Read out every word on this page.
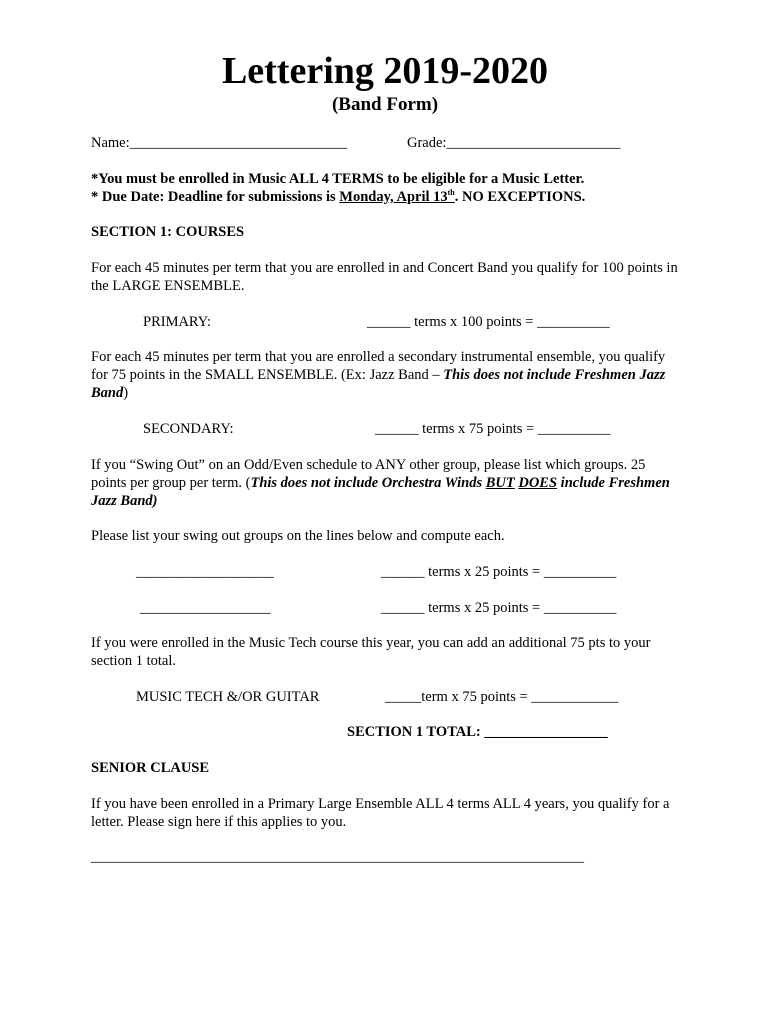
Lettering 2019-2020
(Band Form)
Name:______________________________	Grade:________________________
*You must be enrolled in Music ALL 4 TERMS to be eligible for a Music Letter.
* Due Date: Deadline for submissions is Monday, April 13th. NO EXCEPTIONS.
SECTION 1: COURSES
For each 45 minutes per term that you are enrolled in and Concert Band you qualify for 100 points in the LARGE ENSEMBLE.
PRIMARY:	______ terms x 100 points = __________
For each 45 minutes per term that you are enrolled a secondary instrumental ensemble, you qualify for 75 points in the SMALL ENSEMBLE. (Ex: Jazz Band – This does not include Freshmen Jazz Band)
SECONDARY:	______ terms x 75 points = __________
If you “Swing Out” on an Odd/Even schedule to ANY other group, please list which groups. 25 points per group per term. (This does not include Orchestra Winds BUT DOES include Freshmen Jazz Band)
Please list your swing out groups on the lines below and compute each.
___________________	______ terms x 25 points = __________
__________________	______ terms x 25 points = __________
If you were enrolled in the Music Tech course this year, you can add an additional 75 pts to your section 1 total.
MUSIC TECH &/OR GUITAR	_____term x 75 points = ____________
SECTION 1 TOTAL: _________________
SENIOR CLAUSE
If you have been enrolled in a Primary Large Ensemble ALL 4 terms ALL 4 years, you qualify for a letter. Please sign here if this applies to you.
____________________________________________________________________
